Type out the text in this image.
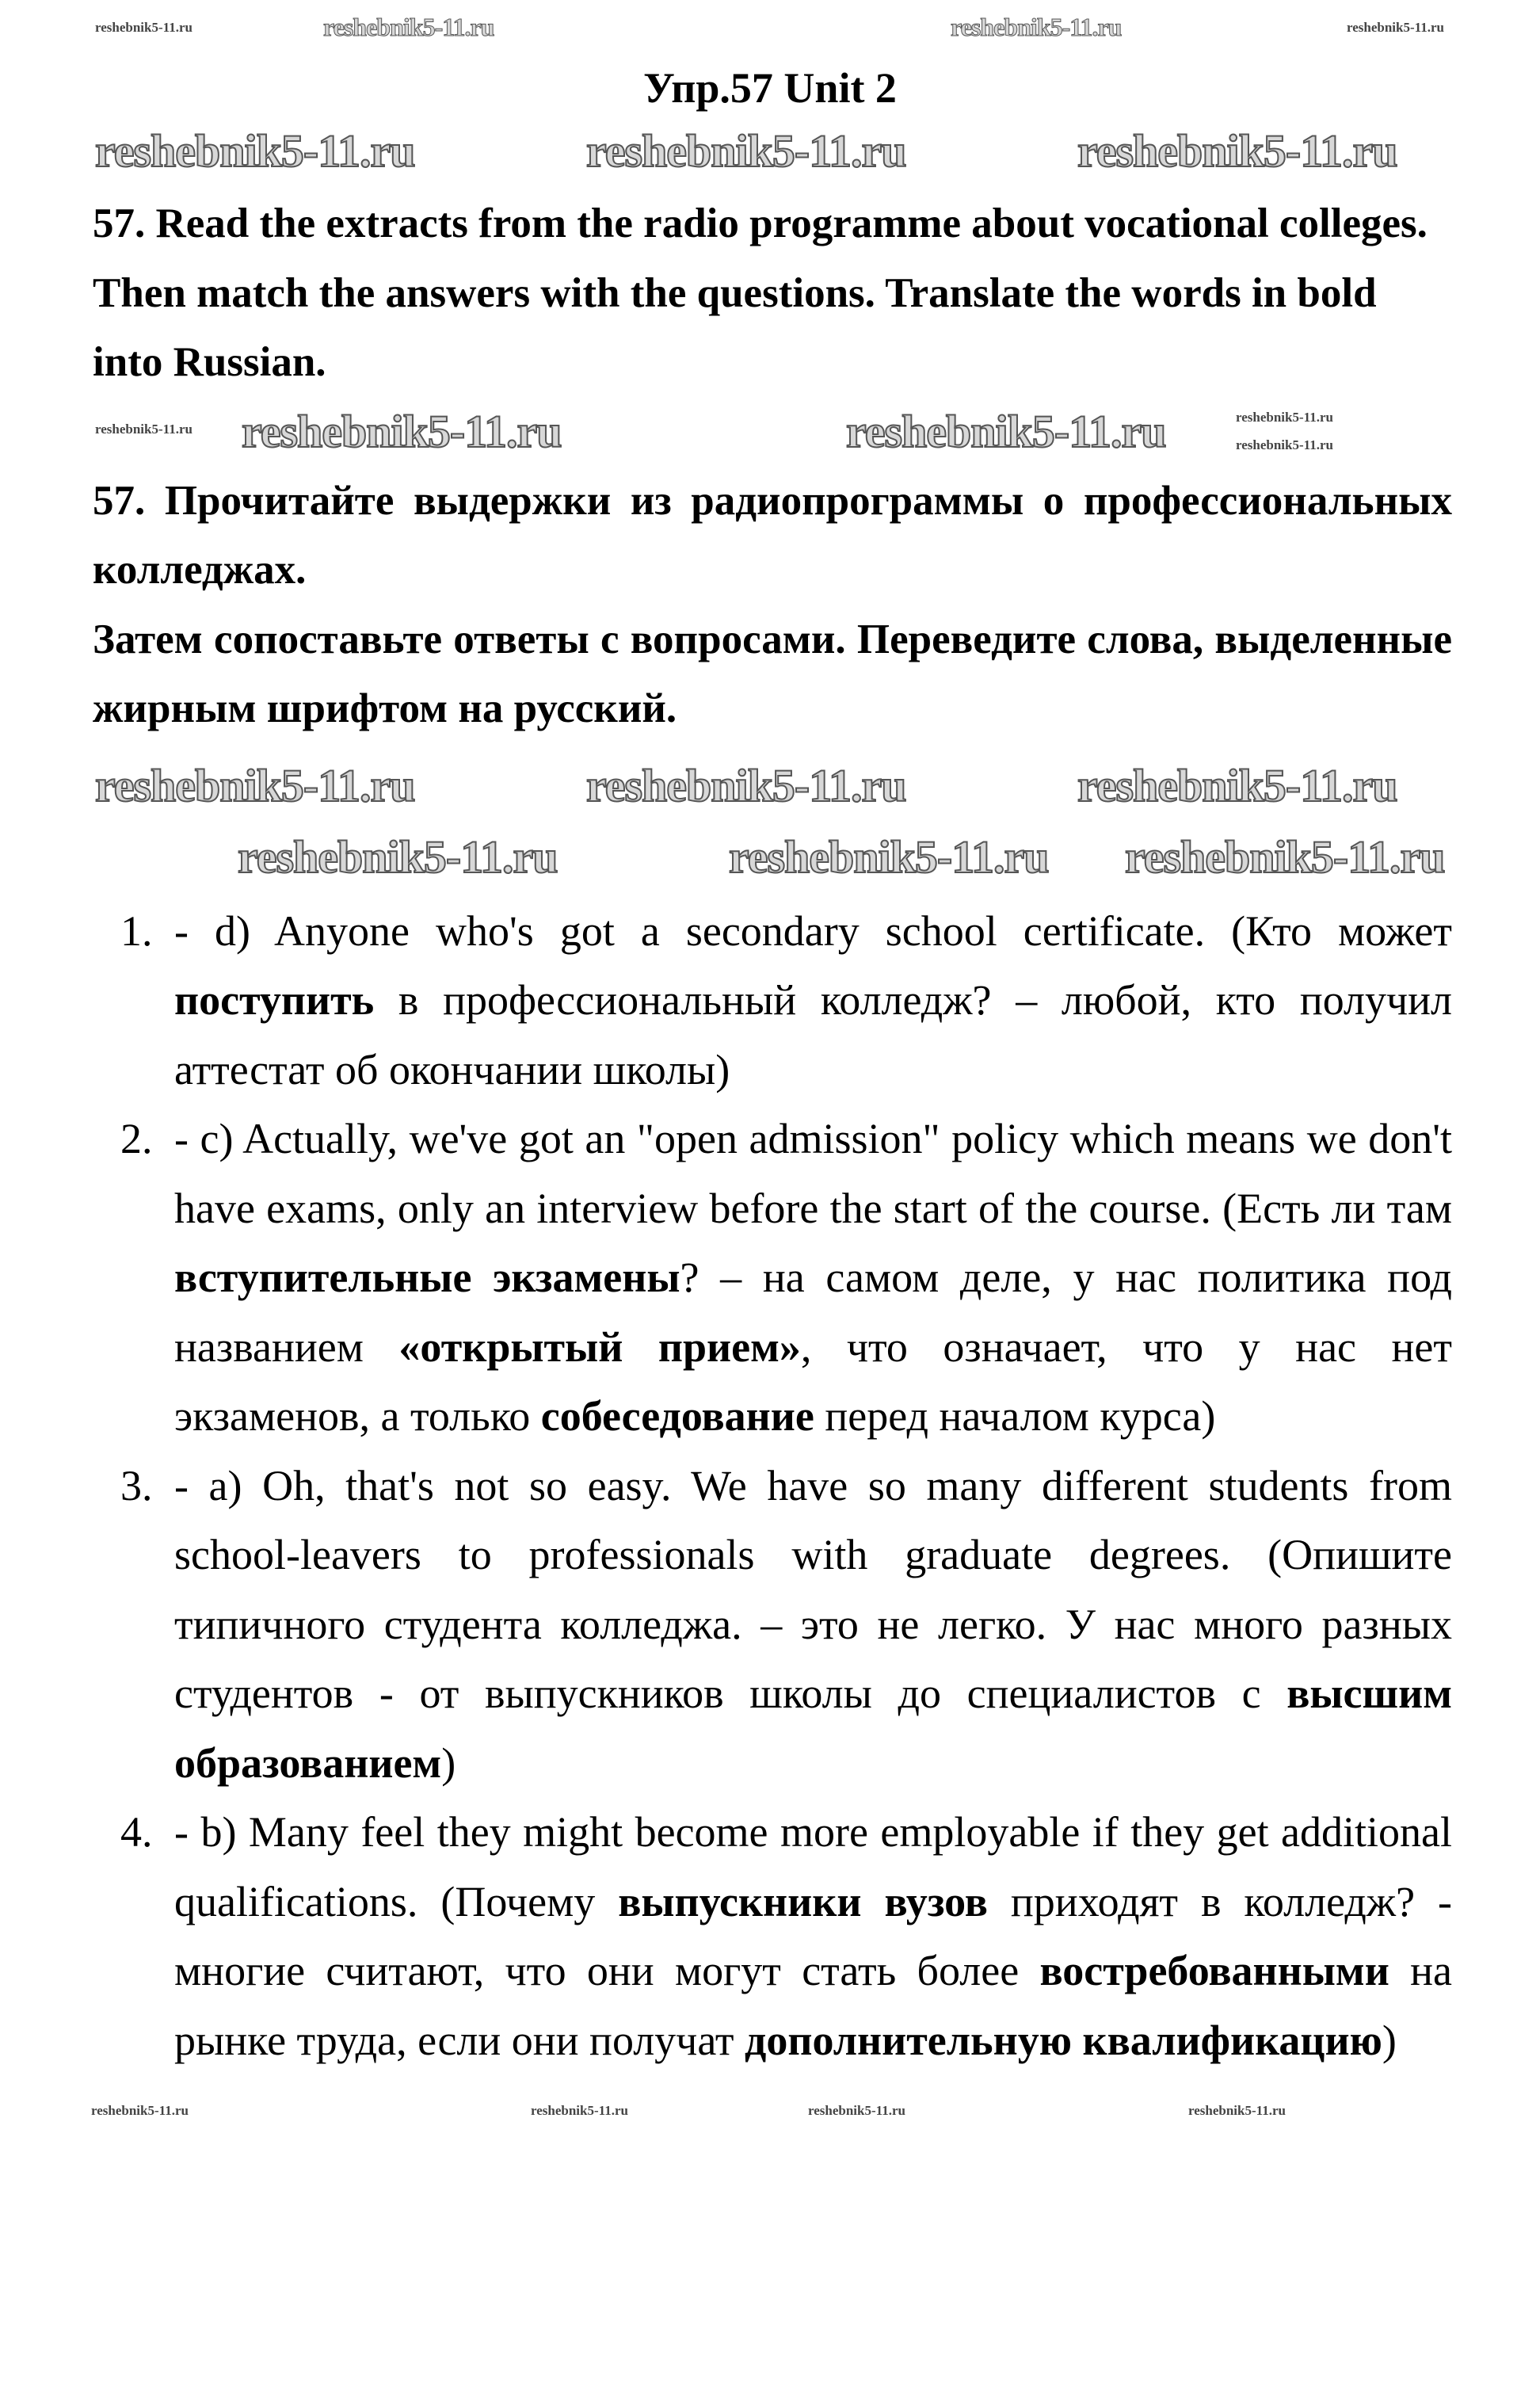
reshebnik5-11.ru	reshebnik5-11.ru
reshebnik5-11.ru	reshebnik5-11.ru
Упр.57 Unit 2
reshebnik5-11.ru	reshebnik5-11.ru	reshebnik5-11.ru

57. Read the extracts from the radio programme about vocational colleges.

Then match the answers with the questions. Translate the words in bold into Russian.

reshebnik5-11.ru	reshebnik5-11.ru
reshebnik5-11.ru
reshebnik5-11.ru
reshebnik5-11.ru

57. Прочитайте выдержки из радиопрограммы о профессиональных колледжах.

Затем сопоставьте ответы с вопросами. Переведите слова, выделенные жирным шрифтом на русский.

reshebnik5-11.ru	reshebnik5-11.ru	reshebnik5-11.ru
reshebnik5-11.ru	reshebnik5-11.ru reshebnik5-11.ru
1. - d) Anyone who's got a secondary school certificate. (Кто может поступить в профессиональный колледж? – любой, кто получил аттестат об окончании школы)
2. - c) Actually, we've got an "open admission" policy which means we don't have exams, only an interview before the start of the course. (Есть ли там вступительные экзамены? – на самом деле, у нас политика под названием «открытый прием», что означает, что у нас нет экзаменов, а только собеседование перед началом курса)
3. - a) Oh, that's not so easy. We have so many different students from school-leavers to professionals with graduate degrees. (Опишите типичного студента колледжа. – это не легко. У нас много разных студентов - от выпускников школы до специалистов с высшим образованием)
4. - b) Many feel they might become more employable if they get additional qualifications. (Почему выпускники вузов приходят в колледж? - многие считают, что они могут стать более востребованными на рынке труда, если они получат дополнительную квалификацию)
reshebnik5-11.ru	reshebnik5-11.ru	reshebnik5-11.ru	reshebnik5-11.ru
